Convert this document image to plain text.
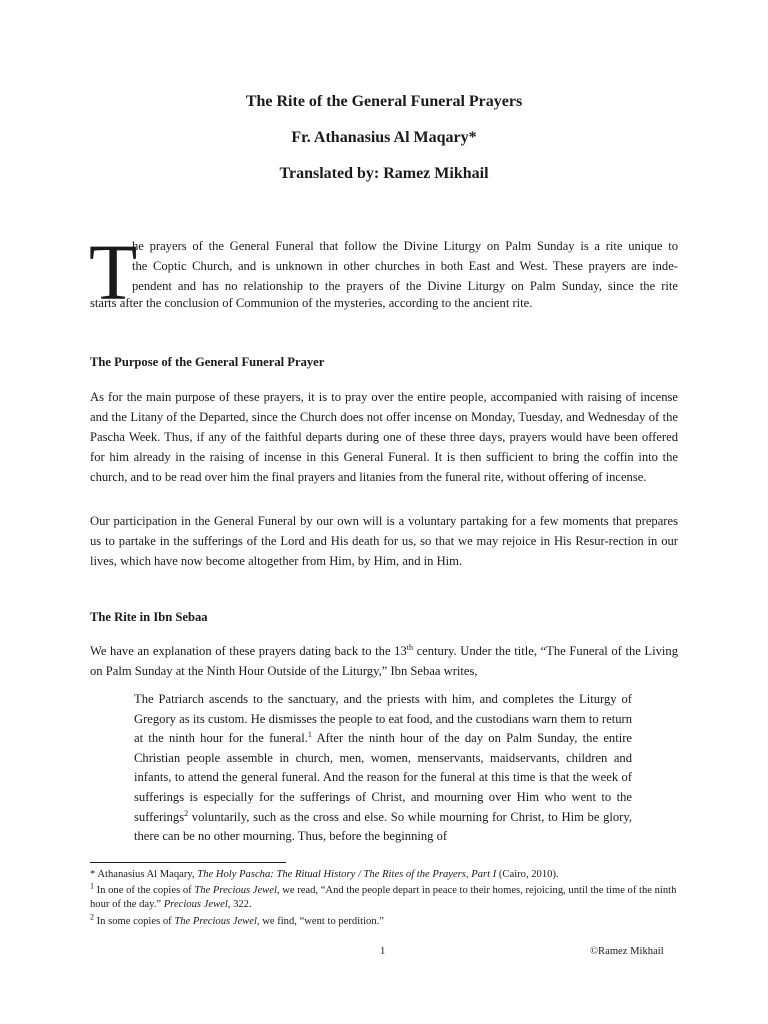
The Rite of the General Funeral Prayers
Fr. Athanasius Al Maqary*
Translated by: Ramez Mikhail
T

he prayers of the General Funeral that follow the Divine Liturgy on Palm Sunday is a rite unique to

the Coptic Church, and is unknown in other churches in both East and West. These prayers are inde-

pendent and has no relationship to the prayers of the Divine Liturgy on Palm Sunday, since the rite

starts after the conclusion of Communion of the mysteries, according to the ancient rite.

The Purpose of the General Funeral Prayer

As for the main purpose of these prayers, it is to pray over the entire people, accompanied with raising of incense and the Litany of the Departed, since the Church does not offer incense on Monday, Tuesday, and Wednesday of the Pascha Week. Thus, if any of the faithful departs during one of these three days, prayers would have been offered for him already in the raising of incense in this General Funeral. It is then sufficient to bring the coffin into the church, and to be read over him the final prayers and litanies from the funeral rite, without offering of incense.

Our participation in the General Funeral by our own will is a voluntary partaking for a few moments that prepares us to partake in the sufferings of the Lord and His death for us, so that we may rejoice in His Resur-rection in our lives, which have now become altogether from Him, by Him, and in Him.

The Rite in Ibn Sebaa

We have an explanation of these prayers dating back to the 13th century. Under the title, “The Funeral of the Living on Palm Sunday at the Ninth Hour Outside of the Liturgy,” Ibn Sebaa writes,

The Patriarch ascends to the sanctuary, and the priests with him, and completes the Liturgy of Gregory as its custom. He dismisses the people to eat food, and the custodians warn them to return at the ninth hour for the funeral.$^1$ After the ninth hour of the day on Palm Sunday, the entire Christian people assemble in church, men, women, menservants, maidservants, children and infants, to attend the general funeral. And the reason for the funeral at this time is that the week of sufferings is especially for the sufferings of Christ, and mourning over Him who went to the sufferings$^2$ voluntarily, such as the cross and else. So while mourning for Christ, to Him be glory, there can be no other mourning. Thus, before the beginning of

* Athanasius Al Maqary, The Holy Pascha: The Ritual History / The Rites of the Prayers, Part I (Cairo, 2010).

$^1$ In one of the copies of The Precious Jewel, we read, “And the people depart in peace to their homes, rejoicing, until the time of the ninth hour of the day.” Precious Jewel, 322.

$^2$ In some copies of The Precious Jewel, we find, “went to perdition.”

1	©Ramez Mikhail
